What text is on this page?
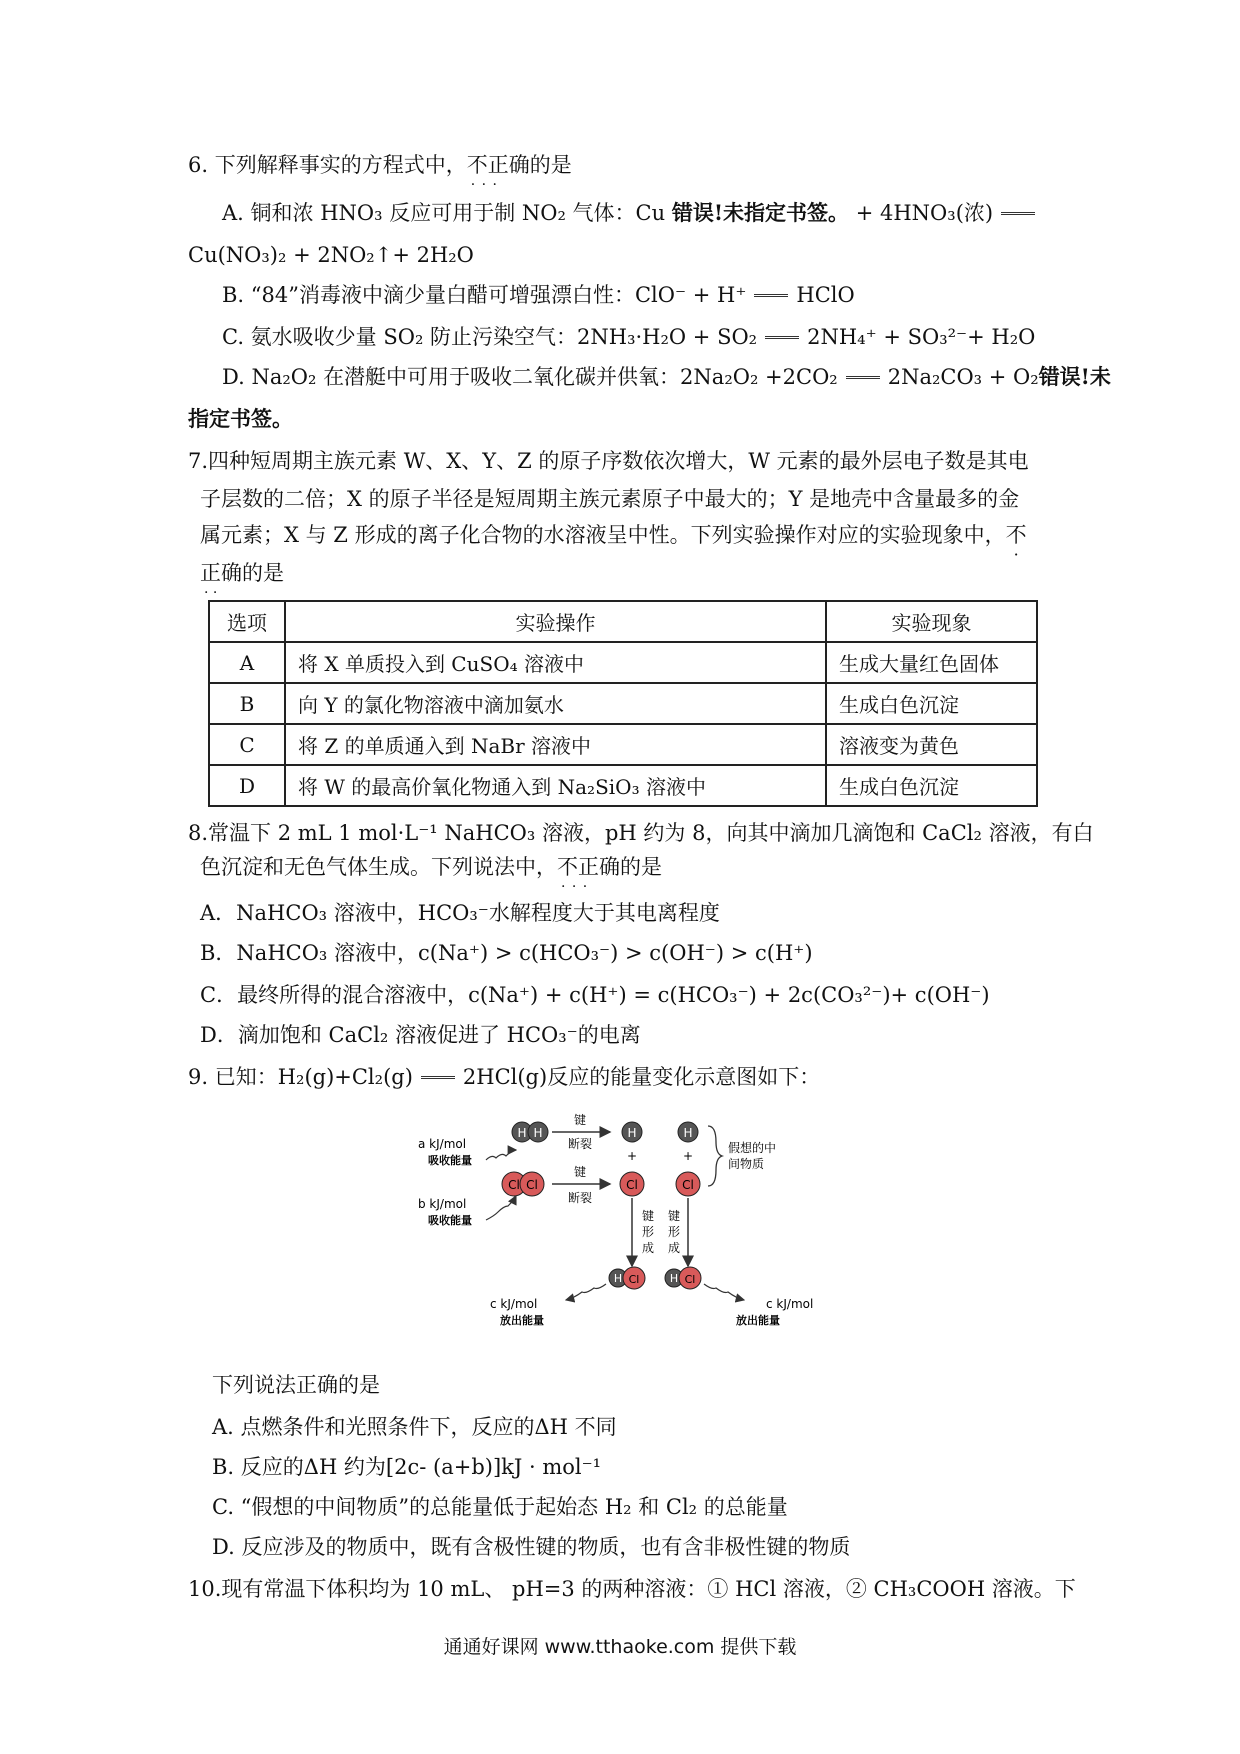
6. 下列解释事实的方程式中，不正确 · · ·的是
A. 铜和浓 HNO₃ 反应可用于制 NO₂ 气体：Cu 错误!未指定书签。 + 4HNO₃(浓)
Cu(NO₃)₂ + 2NO₂↑+ 2H₂O
B. “84”消毒液中滴少量白醋可增强漂白性：ClO⁻ + H⁺ HClO
C. 氨水吸收少量 SO₂ 防止污染空气：2NH₃·H₂O + SO₂ 2NH₄⁺ + SO₃²⁻+ H₂O
D. Na₂O₂ 在潜艇中可用于吸收二氧化碳并供氧：2Na₂O₂ +2CO₂ 2Na₂CO₃ + O₂错误!未
指定书签。
7.四种短周期主族元素 W、X、Y、Z 的原子序数依次增大，W 元素的最外层电子数是其电
子层数的二倍；X 的原子半径是短周期主族元素原子中最大的；Y 是地壳中含量最多的金
属元素；X 与 Z 形成的离子化合物的水溶液呈中性。下列实验操作对应的实验现象中，不
正确 · ·的是
选项	实验操作	实验现象
A	将 X 单质投入到 CuSO₄ 溶液中	生成大量红色固体
B	向 Y 的氯化物溶液中滴加氨水	生成白色沉淀
C	将 Z 的单质通入到 NaBr 溶液中	溶液变为黄色
D	将 W 的最高价氧化物通入到 Na₂SiO₃ 溶液中	生成白色沉淀
8.常温下 2 mL 1 mol·L⁻¹ NaHCO₃ 溶液，pH 约为 8，向其中滴加几滴饱和 CaCl₂ 溶液，有白
色沉淀和无色气体生成。下列说法中，不正确 · · ·的是
A．NaHCO₃ 溶液中，HCO₃⁻水解程度大于其电离程度
B．NaHCO₃ 溶液中，c(Na⁺) > c(HCO₃⁻) > c(OH⁻) > c(H⁺)
C．最终所得的混合溶液中，c(Na⁺) + c(H⁺) = c(HCO₃⁻) + 2c(CO₃²⁻)+ c(OH⁻)
D．滴加饱和 CaCl₂ 溶液促进了 HCO₃⁻的电离
9. 已知：H₂(g)+Cl₂(g) 2HCl(g)反应的能量变化示意图如下：
H H
键
断裂
H
+
H
+
假想的中
间物质
a kJ/mol
吸收能量
Cl Cl
键
断裂
Cl	Cl
b kJ/mol
吸收能量	键
形
成
键
形
成
H Cl	H Cl
c kJ/mol
放出能量
c kJ/mol
放出能量
下列说法正确的是
A. 点燃条件和光照条件下，反应的ΔH 不同
B. 反应的ΔH 约为[2c- (a+b)]kJ · mol⁻¹
C. “假想的中间物质”的总能量低于起始态 H₂ 和 Cl₂ 的总能量
D. 反应涉及的物质中，既有含极性键的物质，也有含非极性键的物质
10.现有常温下体积均为 10 mL、 pH=3 的两种溶液：① HCl 溶液，② CH₃COOH 溶液。下
通通好课网 www.tthaoke.com 提供下载
